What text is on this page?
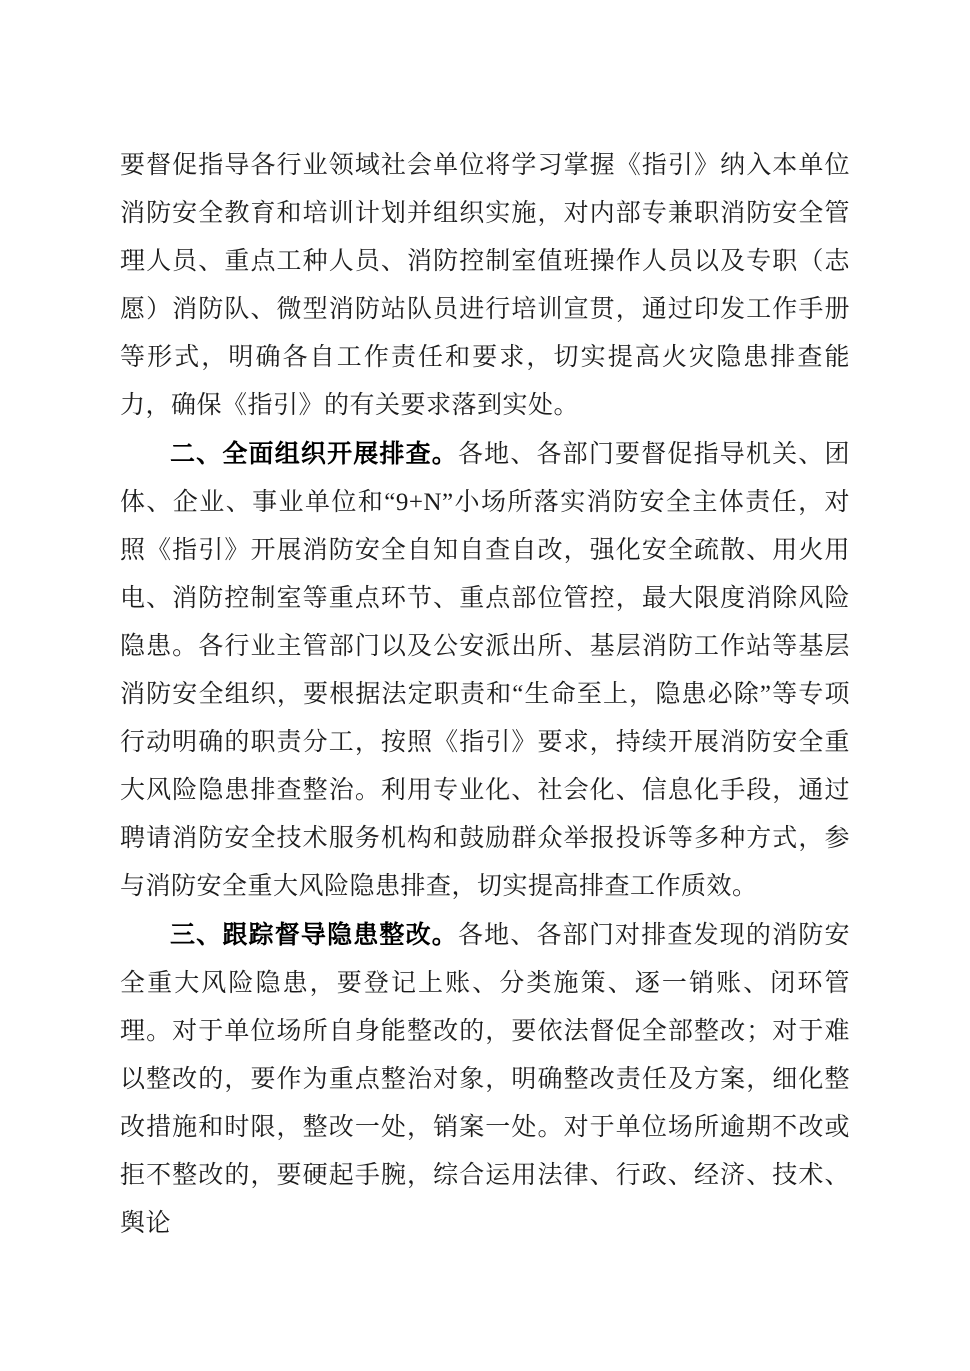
要督促指导各行业领域社会单位将学习掌握《指引》纳入本单位消防安全教育和培训计划并组织实施，对内部专兼职消防安全管理人员、重点工种人员、消防控制室值班操作人员以及专职（志愿）消防队、微型消防站队员进行培训宣贯，通过印发工作手册等形式，明确各自工作责任和要求，切实提高火灾隐患排查能力，确保《指引》的有关要求落到实处。

二、全面组织开展排查。各地、各部门要督促指导机关、团体、企业、事业单位和“9+N”小场所落实消防安全主体责任，对照《指引》开展消防安全自知自查自改，强化安全疏散、用火用电、消防控制室等重点环节、重点部位管控，最大限度消除风险隐患。各行业主管部门以及公安派出所、基层消防工作站等基层消防安全组织，要根据法定职责和“生命至上，隐患必除”等专项行动明确的职责分工，按照《指引》要求，持续开展消防安全重大风险隐患排查整治。利用专业化、社会化、信息化手段，通过聘请消防安全技术服务机构和鼓励群众举报投诉等多种方式，参与消防安全重大风险隐患排查，切实提高排查工作质效。

三、跟踪督导隐患整改。各地、各部门对排查发现的消防安全重大风险隐患，要登记上账、分类施策、逐一销账、闭环管理。对于单位场所自身能整改的，要依法督促全部整改；对于难以整改的，要作为重点整治对象，明确整改责任及方案，细化整改措施和时限，整改一处，销案一处。对于单位场所逾期不改或拒不整改的，要硬起手腕，综合运用法律、行政、经济、技术、舆论
